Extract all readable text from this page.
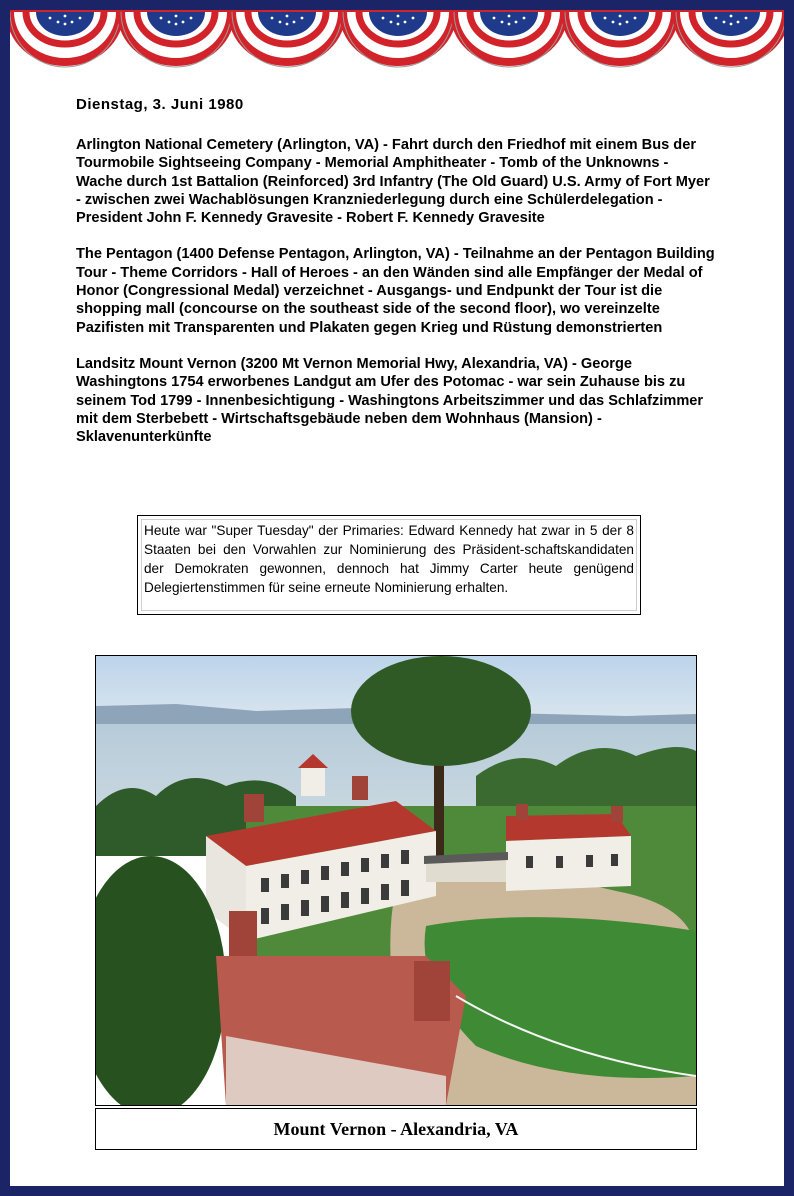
Dienstag, 3. Juni 1980

Arlington National Cemetery (Arlington, VA) - Fahrt durch den Friedhof mit einem Bus der Tourmobile Sightseeing Company - Memorial Amphitheater - Tomb of the Unknowns - Wache durch 1st Battalion (Reinforced) 3rd Infantry (The Old Guard) U.S. Army of Fort Myer - zwischen zwei Wachablösungen Kranzniederlegung durch eine Schülerdelegation - President John F. Kennedy Gravesite - Robert F. Kennedy Gravesite

The Pentagon (1400 Defense Pentagon, Arlington, VA) - Teilnahme an der Pentagon Building Tour - Theme Corridors - Hall of Heroes - an den Wänden sind alle Empfänger der Medal of Honor (Congressional Medal) verzeichnet - Ausgangs- und Endpunkt der Tour ist die shopping mall (concourse on the southeast side of the second floor), wo vereinzelte Pazifisten mit Transparenten und Plakaten gegen Krieg und Rüstung demonstrierten

Landsitz Mount Vernon (3200 Mt Vernon Memorial Hwy, Alexandria, VA) - George Washingtons 1754 erworbenes Landgut am Ufer des Potomac - war sein Zuhause bis zu seinem Tod 1799 - Innenbesichtigung - Washingtons Arbeitszimmer und das Schlafzimmer mit dem Sterbebett - Wirtschaftsgebäude neben dem Wohnhaus (Mansion) - Sklavenunterkünfte

Heute war "Super Tuesday" der Primaries: Edward Kennedy hat zwar in 5 der 8 Staaten bei den Vorwahlen zur Nominierung des Präsident-schaftskandidaten der Demokraten gewonnen, dennoch hat Jimmy Carter heute genügend Delegiertenstimmen für seine erneute Nominierung erhalten.
Mount Vernon - Alexandria, VA
